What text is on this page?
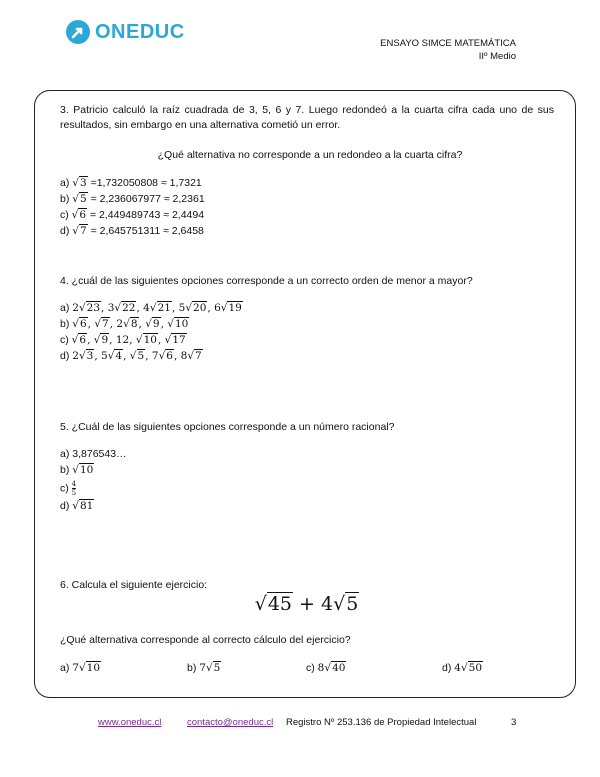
ONEDUC
ENSAYO SIMCE MATEMÁTICA
IIº Medio
3. Patricio calculó la raíz cuadrada de 3, 5, 6 y 7. Luego redondeó a la cuarta cifra cada uno de sus resultados, sin embargo en una alternativa cometió un error.
¿Qué alternativa no corresponde a un redondeo a la cuarta cifra?
a) √3 =1,732050808 ≈ 1,7321
b) √5 = 2,236067977 ≈ 2,2361
c) √6 = 2,449489743 ≈ 2,4494
d) √7 = 2,645751311 ≈ 2,6458
4. ¿cuál de las siguientes opciones corresponde a un correcto orden de menor a mayor?
a) 2√23, 3√22, 4√21, 5√20, 6√19
b) √6, √7, 2√8, √9, √10
c) √6, √9, 12, √10, √17
d) 2√3, 5√4, √5, 7√6, 8√7
5. ¿Cuál de las siguientes opciones corresponde a un número racional?
a) 3,876543…
b) √10
$c) \frac{4}{5}$
d) √81
6. Calcula el siguiente ejercicio:
√45 + 4√5
¿Qué alternativa corresponde al correcto cálculo del ejercicio?
a) 7√10	b) 7√5	c) 8√40	d) 4√50
www.oneduc.cl	contacto@oneduc.cl Registro Nº 253.136 de Propiedad Intelectual	3
